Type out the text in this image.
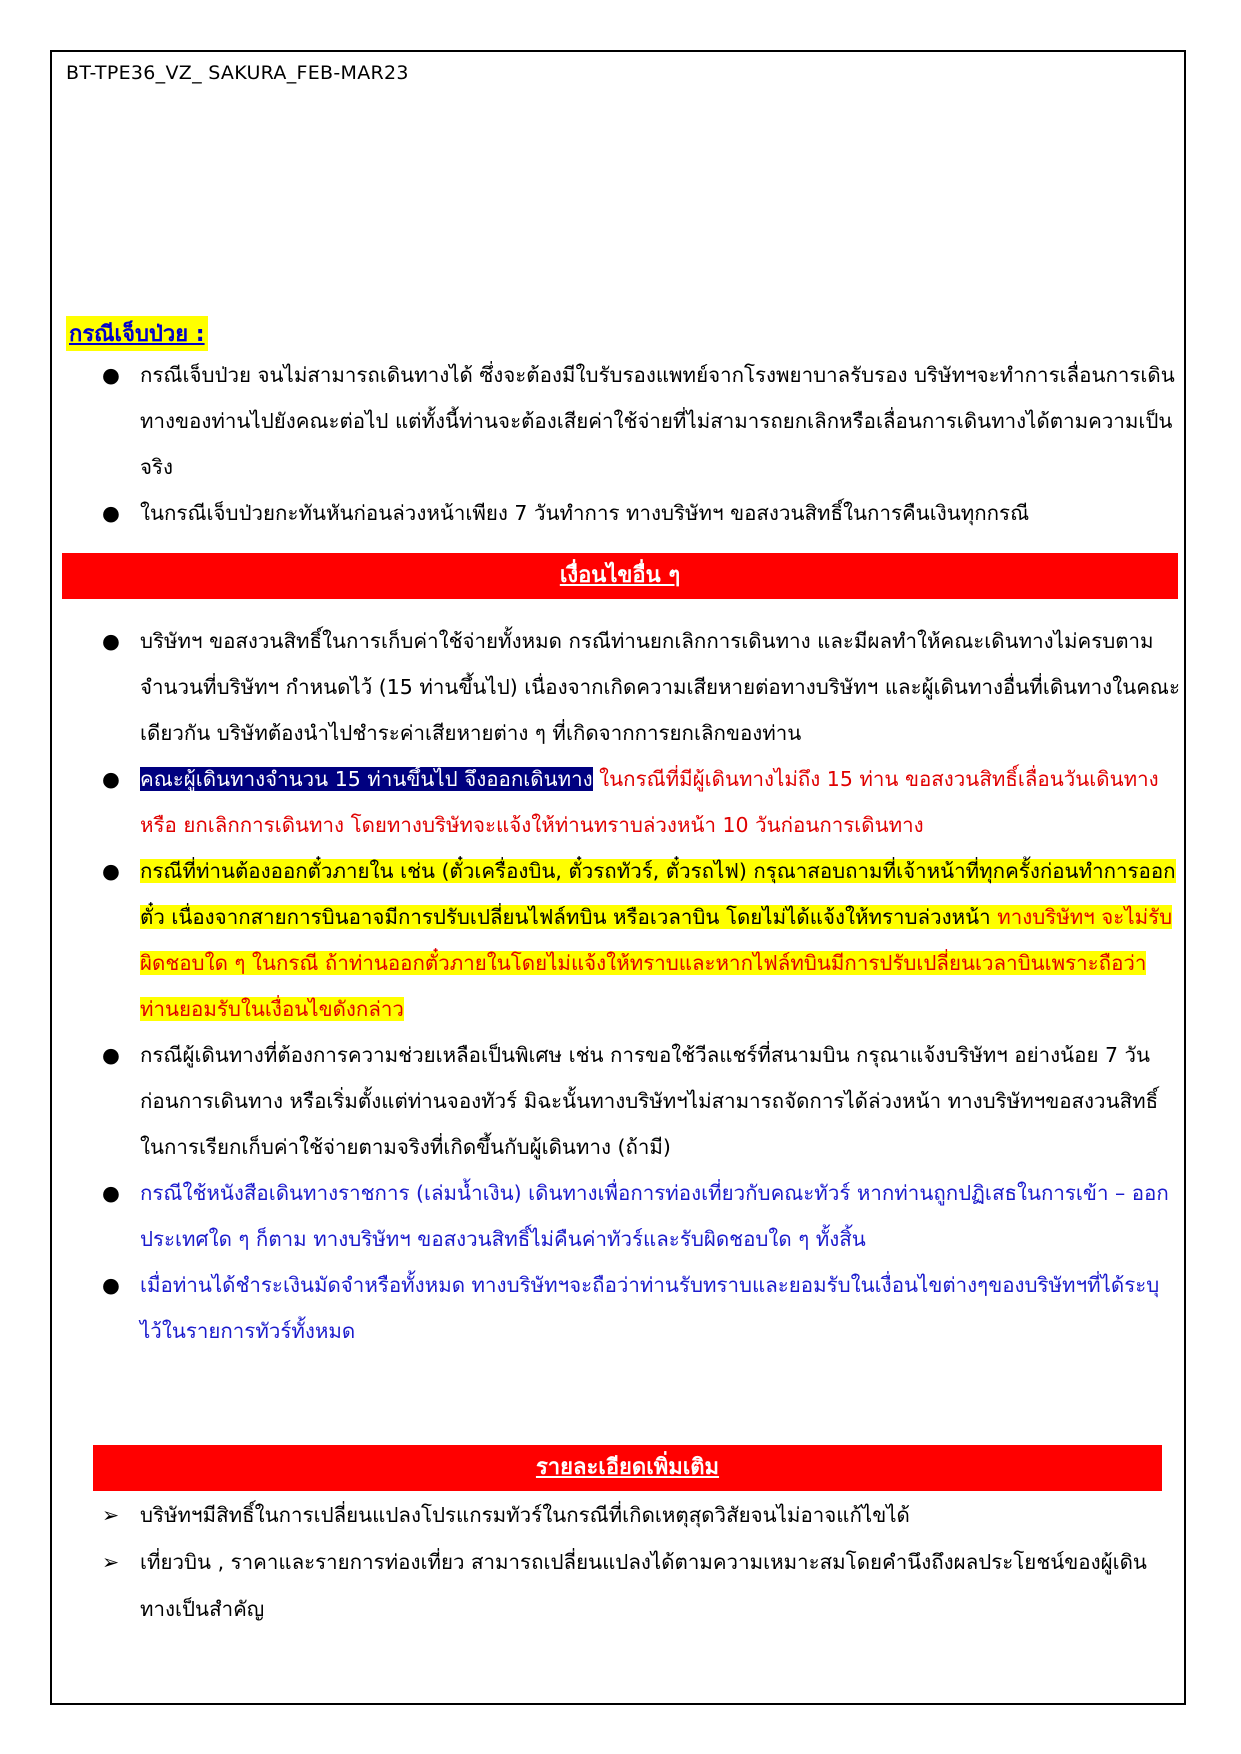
BT-TPE36_VZ_ SAKURA_FEB-MAR23
กรณีเจ็บป่วย :
● กรณีเจ็บป่วย จนไม่สามารถเดินทางได้ ซึ่งจะต้องมีใบรับรองแพทย์จากโรงพยาบาลรับรอง บริษัทฯจะทำการเลื่อนการเดินทางของท่านไปยังคณะต่อไป แต่ทั้งนี้ท่านจะต้องเสียค่าใช้จ่ายที่ไม่สามารถยกเลิกหรือเลื่อนการเดินทางได้ตามความเป็นจริง
● ในกรณีเจ็บป่วยกะทันหันก่อนล่วงหน้าเพียง 7 วันทำการ ทางบริษัทฯ ขอสงวนสิทธิ์ในการคืนเงินทุกกรณี
เงื่อนไขอื่น ๆ
● บริษัทฯ ขอสงวนสิทธิ์ในการเก็บค่าใช้จ่ายทั้งหมด กรณีท่านยกเลิกการเดินทาง และมีผลทำให้คณะเดินทางไม่ครบตามจำนวนที่บริษัทฯ กำหนดไว้ (15 ท่านขึ้นไป) เนื่องจากเกิดความเสียหายต่อทางบริษัทฯ และผู้เดินทางอื่นที่เดินทางในคณะเดียวกัน บริษัทต้องนำไปชำระค่าเสียหายต่าง ๆ ที่เกิดจากการยกเลิกของท่าน
● คณะผู้เดินทางจำนวน 15 ท่านขึ้นไป จึงออกเดินทาง ในกรณีที่มีผู้เดินทางไม่ถึง 15 ท่าน ขอสงวนสิทธิ์เลื่อนวันเดินทาง หรือ ยกเลิกการเดินทาง โดยทางบริษัทจะแจ้งให้ท่านทราบล่วงหน้า 10 วันก่อนการเดินทาง
● กรณีที่ท่านต้องออกตั๋วภายใน เช่น (ตั๋วเครื่องบิน, ตั๋วรถทัวร์, ตั๋วรถไฟ) กรุณาสอบถามที่เจ้าหน้าที่ทุกครั้งก่อนทำการออกตั๋ว เนื่องจากสายการบินอาจมีการปรับเปลี่ยนไฟล์ทบิน หรือเวลาบิน โดยไม่ได้แจ้งให้ทราบล่วงหน้า ทางบริษัทฯ จะไม่รับผิดชอบใด ๆ ในกรณี ถ้าท่านออกตั๋วภายในโดยไม่แจ้งให้ทราบและหากไฟล์ทบินมีการปรับเปลี่ยนเวลาบินเพราะถือว่าท่านยอมรับในเงื่อนไขดังกล่าว
● กรณีผู้เดินทางที่ต้องการความช่วยเหลือเป็นพิเศษ เช่น การขอใช้วีลแชร์ที่สนามบิน กรุณาแจ้งบริษัทฯ อย่างน้อย 7 วันก่อนการเดินทาง หรือเริ่มตั้งแต่ท่านจองทัวร์ มิฉะนั้นทางบริษัทฯไม่สามารถจัดการได้ล่วงหน้า ทางบริษัทฯขอสงวนสิทธิ์ในการเรียกเก็บค่าใช้จ่ายตามจริงที่เกิดขึ้นกับผู้เดินทาง (ถ้ามี)
● กรณีใช้หนังสือเดินทางราชการ (เล่มน้ำเงิน) เดินทางเพื่อการท่องเที่ยวกับคณะทัวร์ หากท่านถูกปฏิเสธในการเข้า – ออกประเทศใด ๆ ก็ตาม ทางบริษัทฯ ขอสงวนสิทธิ์ไม่คืนค่าทัวร์และรับผิดชอบใด ๆ ทั้งสิ้น
● เมื่อท่านได้ชำระเงินมัดจำหรือทั้งหมด ทางบริษัทฯจะถือว่าท่านรับทราบและยอมรับในเงื่อนไขต่างๆของบริษัทฯที่ได้ระบุไว้ในรายการทัวร์ทั้งหมด
รายละเอียดเพิ่มเติม
➢ บริษัทฯมีสิทธิ์ในการเปลี่ยนแปลงโปรแกรมทัวร์ในกรณีที่เกิดเหตุสุดวิสัยจนไม่อาจแก้ไขได้
➢ เที่ยวบิน , ราคาและรายการท่องเที่ยว สามารถเปลี่ยนแปลงได้ตามความเหมาะสมโดยคำนึงถึงผลประโยชน์ของผู้เดินทางเป็นสำคัญ
